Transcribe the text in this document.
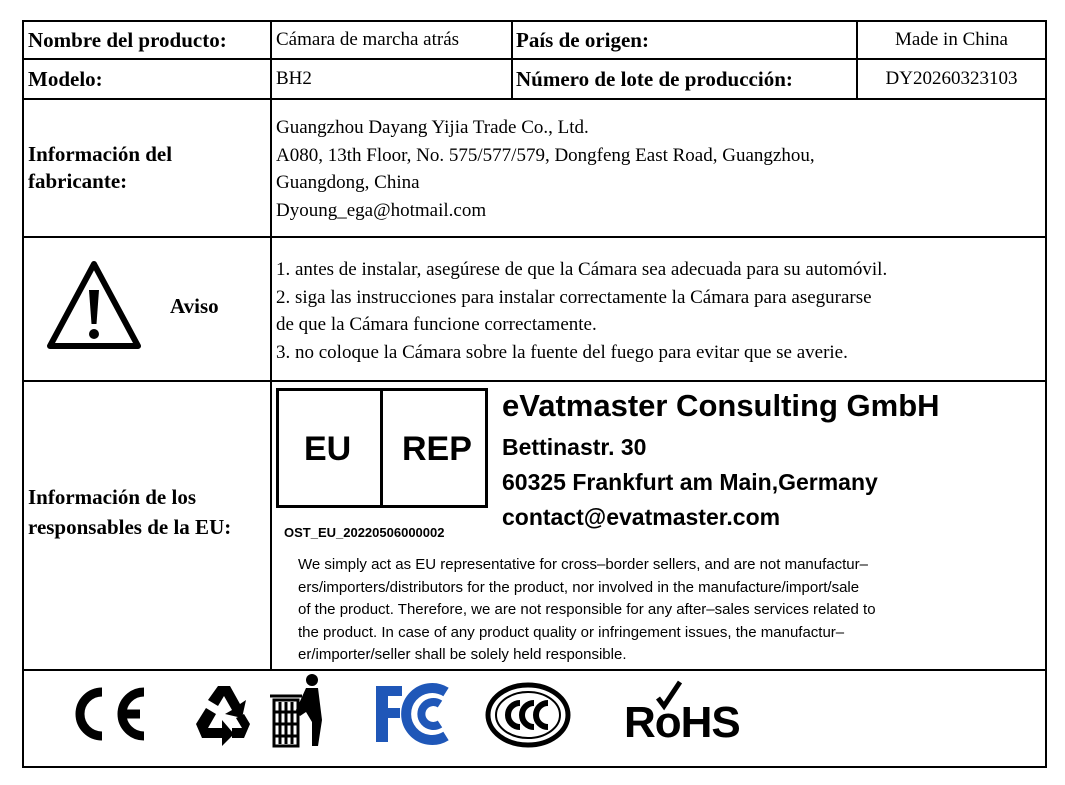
Nombre del producto:	Cámara de marcha atrás	País de origen:	Made in China
Modelo:	BH2	Número de lote de producción:	DY20260323103
Información del fabricante:
Guangzhou Dayang Yijia Trade Co., Ltd.
A080, 13th Floor, No. 575/577/579, Dongfeng East Road, Guangzhou,
Guangdong, China
Dyoung_ega@hotmail.com
Aviso
1. antes de instalar, asegúrese de que la Cámara sea adecuada para su automóvil.
2. siga las instrucciones para instalar correctamente la Cámara para asegurarse
de que la Cámara funcione correctamente.
3. no coloque la Cámara sobre la fuente del fuego para evitar que se averie.
Información de los responsables de la EU:
EU REP
OST_EU_20220506000002
eVatmaster Consulting GmbH
Bettinastr. 30
60325 Frankfurt am Main,Germany
contact@evatmaster.com
We simply act as EU representative for cross–border sellers, and are not manufactur–
ers/importers/distributors for the product, nor involved in the manufacture/import/sale
of the product. Therefore, we are not responsible for any after–sales services related to
the product. In case of any product quality or infringement issues, the manufactur–
er/importer/seller shall be solely held responsible.
RoHS
